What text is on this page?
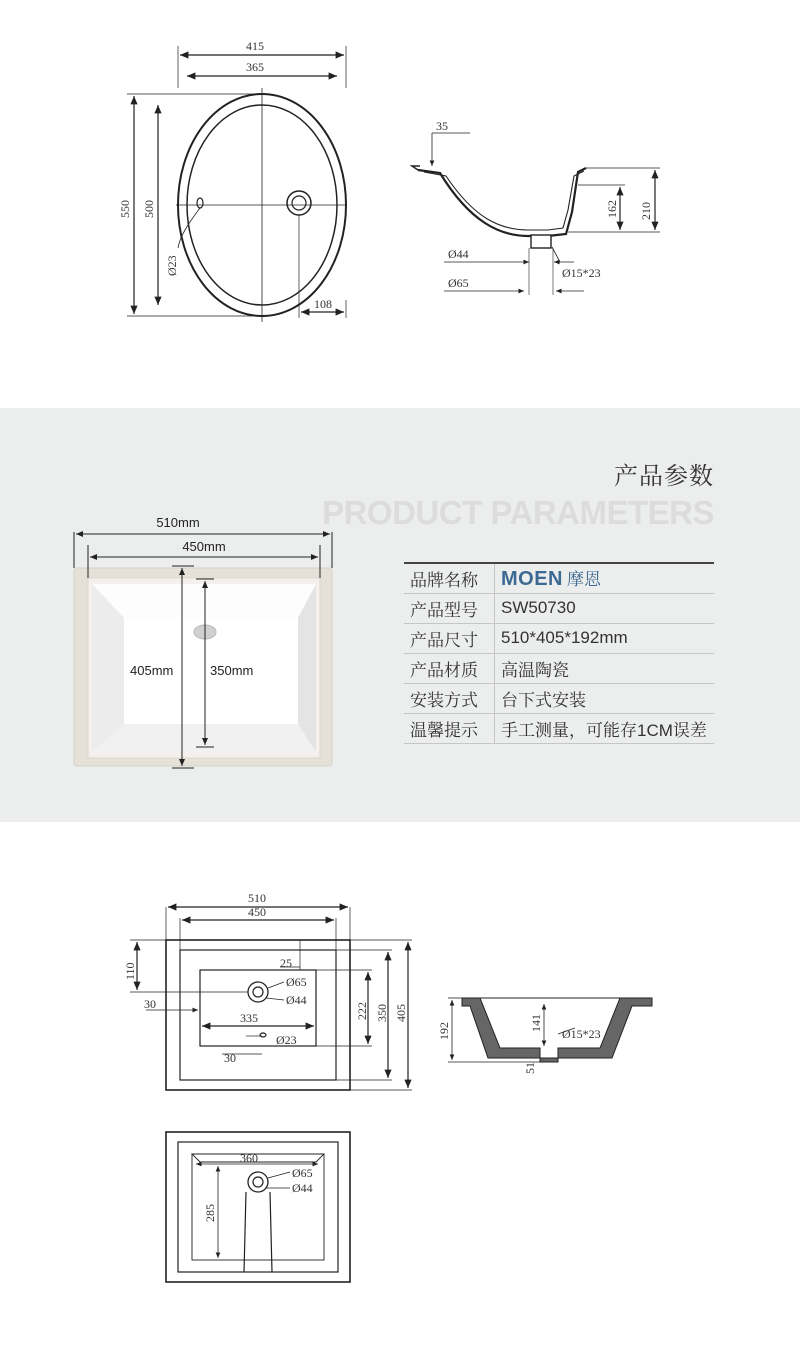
415
365
550 500
Ø23
108
35
162 210
Ø44
Ø65
Ø15*23
510mm
450mm
405mm	350mm
产品参数
PRODUCT PARAMETERS
品牌名称	MOEN 摩恩
产品型号	SW50730
产品尺寸	510*405*192mm
产品材质	高温陶瓷
安装方式	台下式安装
温馨提示	手工测量，可能存1CM误差
510
450
110	25
30
Ø65
Ø44
335
Ø23
30
222 350 405
192	141
51
Ø15*23
360
285
Ø65
Ø44
